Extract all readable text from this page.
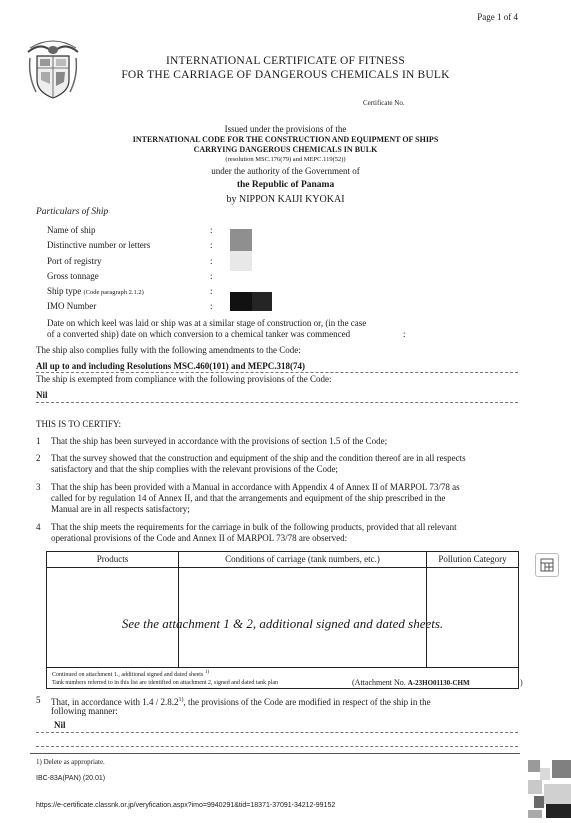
Page 1 of 4
INTERNATIONAL CERTIFICATE OF FITNESS
FOR THE CARRIAGE OF DANGEROUS CHEMICALS IN BULK
Certificate No.
Issued under the provisions of the
INTERNATIONAL CODE FOR THE CONSTRUCTION AND EQUIPMENT OF SHIPS
CARRYING DANGEROUS CHEMICALS IN BULK
(resolution MSC.176(79) and MEPC.119(52))
under the authority of the Government of
the Republic of Panama
by NIPPON KAIJI KYOKAI
Particulars of Ship
Name of ship	:
Distinctive number or letters	:
Port of registry	:
Gross tonnage	:
Ship type (Code paragraph 2.1.2)	:
IMO Number	:
Date on which keel was laid or ship was at a similar stage of construction or, (in the case
of a converted ship) date on which conversion to a chemical tanker was commenced	:
The ship also complies fully with the following amendments to the Code:
All up to and including Resolutions MSC.460(101) and MEPC.318(74)
The ship is exempted from compliance with the following provisions of the Code:
Nil
THIS IS TO CERTIFY:
1 That the ship has been surveyed in accordance with the provisions of section 1.5 of the Code;
2 That the survey showed that the construction and equipment of the ship and the condition thereof are in all respects
satisfactory and that the ship complies with the relevant provisions of the Code;
3 That the ship has been provided with a Manual in accordance with Appendix 4 of Annex II of MARPOL 73/78 as
called for by regulation 14 of Annex II, and that the arrangements and equipment of the ship prescribed in the
Manual are in all respects satisfactory;
4 That the ship meets the requirements for the carriage in bulk of the following products, provided that all relevant
operational provisions of the Code and Annex II of MARPOL 73/78 are observed:
Products	Conditions of carriage (tank numbers, etc.)	Pollution Category

See the attachment 1 & 2, additional signed and dated sheets.
Continued on attachment 1., additional signed and dated sheets $^{1)}$
Tank numbers referred to in this list are identified on attachment 2, signed and dated tank plan	(Attachment No. A-23HO01130-CHM	)
5 That, in accordance with 1.4 / 2.8.2$^{1)}$, the provisions of the Code are modified in respect of the ship in the
following manner:
Nil
1) Delete as appropriate.
IBC-83A(PAN) (20.01)
https://e-certificate.classnk.or.jp/veryfication.aspx?imo=9940291&tid=18371-37091-34212-99152
